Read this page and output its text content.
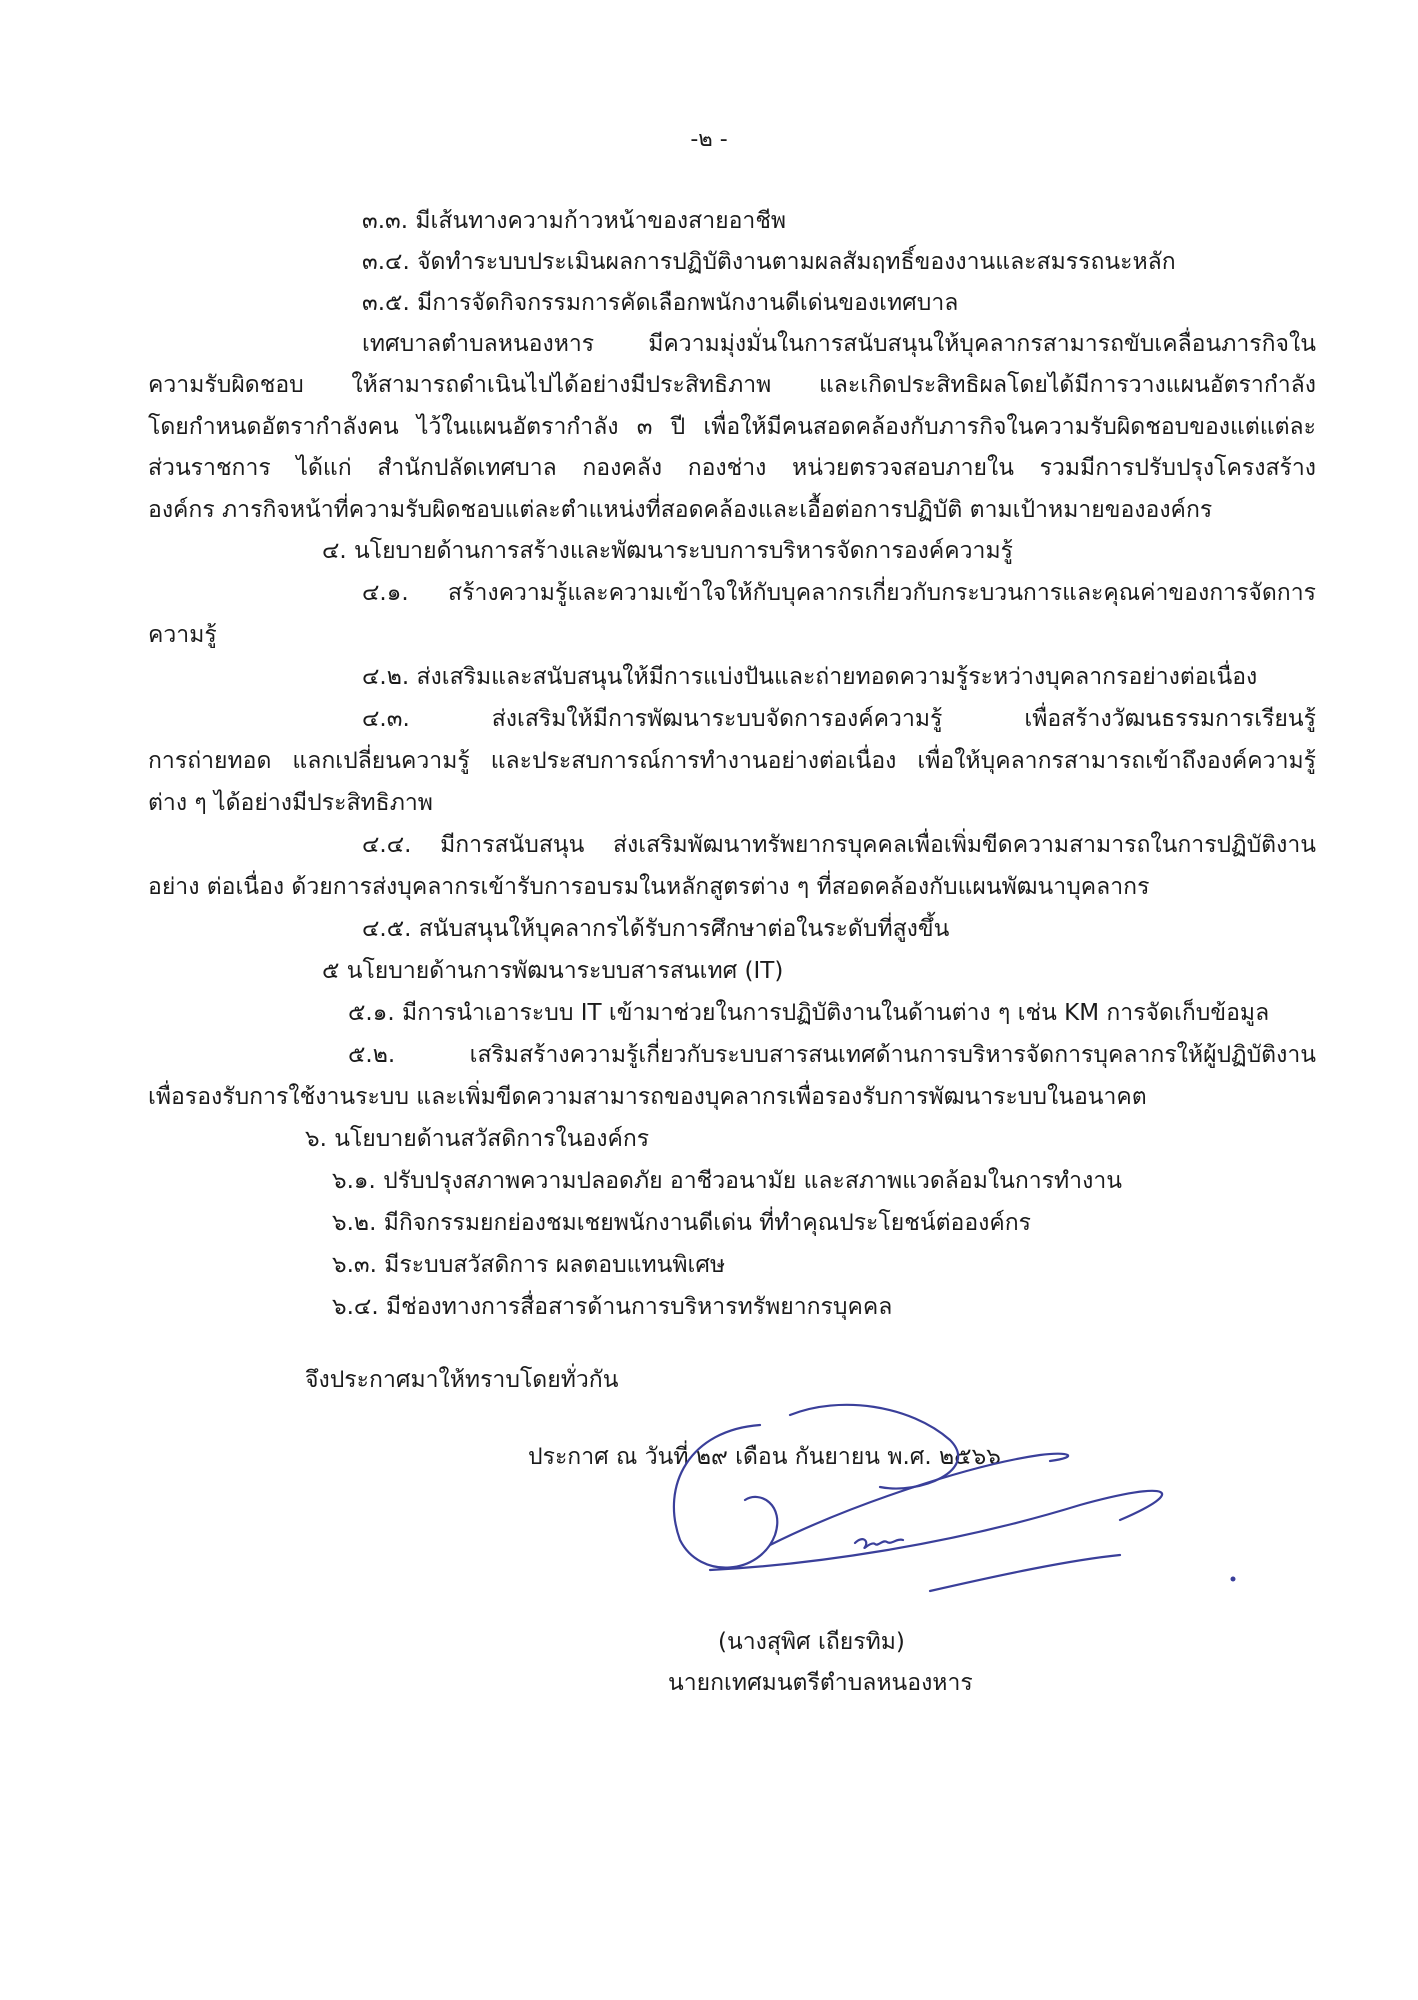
-๒ -
๓.๓. มีเส้นทางความก้าวหน้าของสายอาชีพ
๓.๔. จัดทำระบบประเมินผลการปฏิบัติงานตามผลสัมฤทธิ์ของงานและสมรรถนะหลัก
๓.๕. มีการจัดกิจกรรมการคัดเลือกพนักงานดีเด่นของเทศบาล
เทศบาลตำบลหนองหาร มีความมุ่งมั่นในการสนับสนุนให้บุคลากรสามารถขับเคลื่อนภารกิจใน
ความรับผิดชอบ ให้สามารถดำเนินไปได้อย่างมีประสิทธิภาพ และเกิดประสิทธิผลโดยได้มีการวางแผนอัตรากำลัง
โดยกำหนดอัตรากำลังคน ไว้ในแผนอัตรากำลัง ๓ ปี เพื่อให้มีคนสอดคล้องกับภารกิจในความรับผิดชอบของแต่แต่ละ
ส่วนราชการ ได้แก่ สำนักปลัดเทศบาล กองคลัง กองช่าง หน่วยตรวจสอบภายใน รวมมีการปรับปรุงโครงสร้าง
องค์กร ภารกิจหน้าที่ความรับผิดชอบแต่ละตำแหน่งที่สอดคล้องและเอื้อต่อการปฏิบัติ ตามเป้าหมายขององค์กร
๔. นโยบายด้านการสร้างและพัฒนาระบบการบริหารจัดการองค์ความรู้
๔.๑. สร้างความรู้และความเข้าใจให้กับบุคลากรเกี่ยวกับกระบวนการและคุณค่าของการจัดการ
ความรู้
๔.๒. ส่งเสริมและสนับสนุนให้มีการแบ่งปันและถ่ายทอดความรู้ระหว่างบุคลากรอย่างต่อเนื่อง
๔.๓. ส่งเสริมให้มีการพัฒนาระบบจัดการองค์ความรู้ เพื่อสร้างวัฒนธรรมการเรียนรู้
การถ่ายทอด แลกเปลี่ยนความรู้ และประสบการณ์การทำงานอย่างต่อเนื่อง เพื่อให้บุคลากรสามารถเข้าถึงองค์ความรู้
ต่าง ๆ ได้อย่างมีประสิทธิภาพ
๔.๔. มีการสนับสนุน ส่งเสริมพัฒนาทรัพยากรบุคคลเพื่อเพิ่มขีดความสามารถในการปฏิบัติงาน
อย่าง ต่อเนื่อง ด้วยการส่งบุคลากรเข้ารับการอบรมในหลักสูตรต่าง ๆ ที่สอดคล้องกับแผนพัฒนาบุคลากร
๔.๕. สนับสนุนให้บุคลากรได้รับการศึกษาต่อในระดับที่สูงขึ้น
๕ นโยบายด้านการพัฒนาระบบสารสนเทศ (IT)
๕.๑. มีการนำเอาระบบ IT เข้ามาช่วยในการปฏิบัติงานในด้านต่าง ๆ เช่น KM การจัดเก็บข้อมูล
๕.๒. เสริมสร้างความรู้เกี่ยวกับระบบสารสนเทศด้านการบริหารจัดการบุคลากรให้ผู้ปฏิบัติงาน
เพื่อรองรับการใช้งานระบบ และเพิ่มขีดความสามารถของบุคลากรเพื่อรองรับการพัฒนาระบบในอนาคต
๖. นโยบายด้านสวัสดิการในองค์กร
๖.๑. ปรับปรุงสภาพความปลอดภัย อาชีวอนามัย และสภาพแวดล้อมในการทำงาน
๖.๒. มีกิจกรรมยกย่องชมเชยพนักงานดีเด่น ที่ทำคุณประโยชน์ต่อองค์กร
๖.๓. มีระบบสวัสดิการ ผลตอบแทนพิเศษ
๖.๔. มีช่องทางการสื่อสารด้านการบริหารทรัพยากรบุคคล
จึงประกาศมาให้ทราบโดยทั่วกัน
ประกาศ ณ วันที่ ๒๙ เดือน กันยายน พ.ศ. ๒๕๖๖
(นางสุพิศ เถียรทิม)
นายกเทศมนตรีตำบลหนองหาร
